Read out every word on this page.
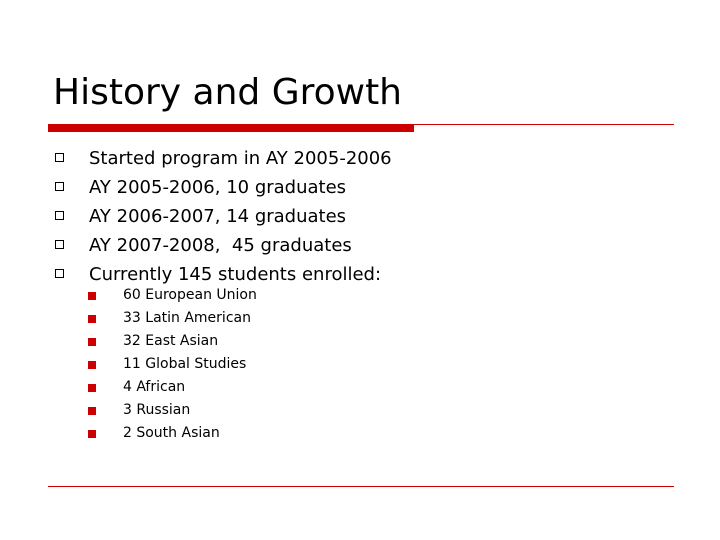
History and Growth
Started program in AY 2005-2006
AY 2005-2006, 10 graduates
AY 2006-2007, 14 graduates
AY 2007-2008,  45 graduates
Currently 145 students enrolled:
60 European Union
33 Latin American
32 East Asian
11 Global Studies
4 African
3 Russian
2 South Asian
